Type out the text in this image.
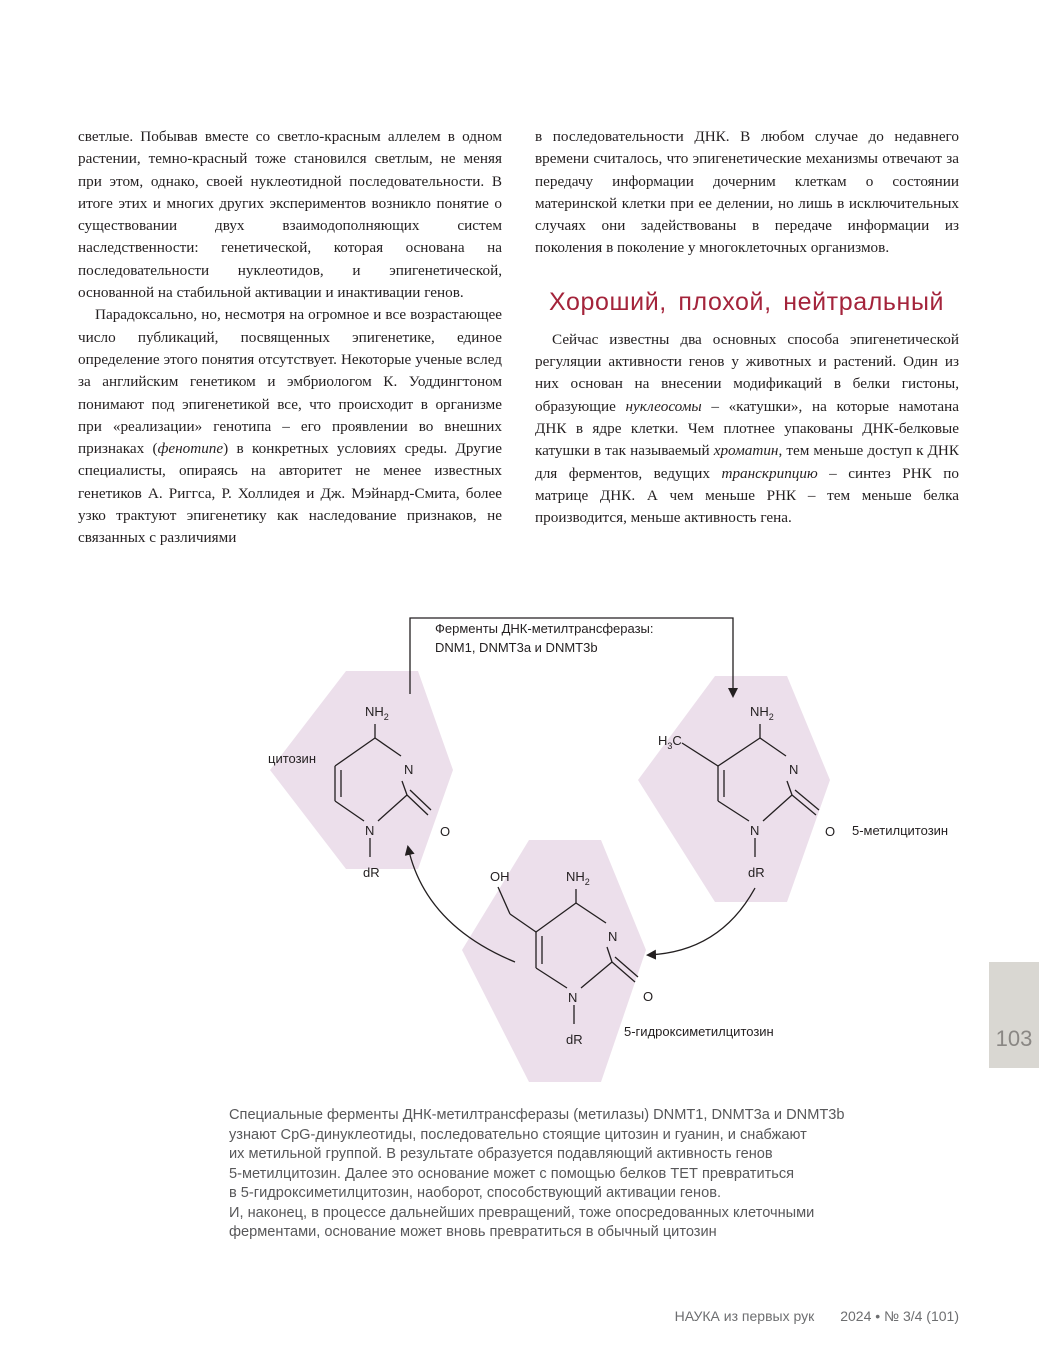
светлые. Побывав вместе со светло-красным аллелем в одном растении, темно-красный тоже становился светлым, не меняя при этом, однако, своей нуклеотидной последовательности. В итоге этих и многих других экспериментов возникло понятие о существовании двух взаимодополняющих систем наследственности: генетической, которая основана на последовательности нуклеотидов, и эпигенетической, основанной на стабильной активации и инактивации генов.

Парадоксально, но, несмотря на огромное и все возрастающее число публикаций, посвященных эпигенетике, единое определение этого понятия отсутствует. Некоторые ученые вслед за английским генетиком и эмбриологом К. Уоддингтоном понимают под эпигенетикой все, что происходит в организме при «реализации» генотипа – его проявлении во внешних признаках (фенотипе) в конкретных условиях среды. Другие специалисты, опираясь на авторитет не менее известных генетиков А. Риггса, Р. Холлидея и Дж. Мэйнард-Смита, более узко трактуют эпигенетику как наследование признаков, не связанных с различиями

в последовательности ДНК. В любом случае до недавнего времени считалось, что эпигенетические механизмы отвечают за передачу информации дочерним клеткам о состоянии материнской клетки при ее делении, но лишь в исключительных случаях они задействованы в передаче информации из поколения в поколение у многоклеточных организмов.

Хороший, плохой, нейтральный

Сейчас известны два основных способа эпигенетической регуляции активности генов у животных и растений. Один из них основан на внесении модификаций в белки гистоны, образующие нуклеосомы – «катушки», на которые намотана ДНК в ядре клетки. Чем плотнее упакованы ДНК-белковые катушки в так называемый хроматин, тем меньше доступ к ДНК для ферментов, ведущих транскрипцию – синтез РНК по матрице ДНК. А чем меньше РНК – тем меньше белка производится, меньше активность гена.

Ферменты ДНК-метилтрансферазы:
DNM1, DNMT3a и DNMT3b
$NH_2$
N
N	O
dR
цитозин
$NH_2$
$H_3C$
N
N	O
dR
5-метилцитозин
OH	$NH_2$
N
N	O
dR
5-гидроксиметилцитозин
Специальные ферменты ДНК-метилтрансферазы (метилазы) DNMT1, DNMT3a и DNMT3b
узнают CpG-динуклеотиды, последовательно стоящие цитозин и гуанин, и снабжают
их метильной группой. В результате образуется подавляющий активность генов
5-метилцитозин. Далее это основание может с помощью белков ТЕТ превратиться
в 5-гидроксиметилцитозин, наоборот, способствующий активации генов.
И, наконец, в процессе дальнейших превращений, тоже опосредованных клеточными
ферментами, основание может вновь превратиться в обычный цитозин
103
НАУКА из первых рук 2024 • № 3/4 (101)
